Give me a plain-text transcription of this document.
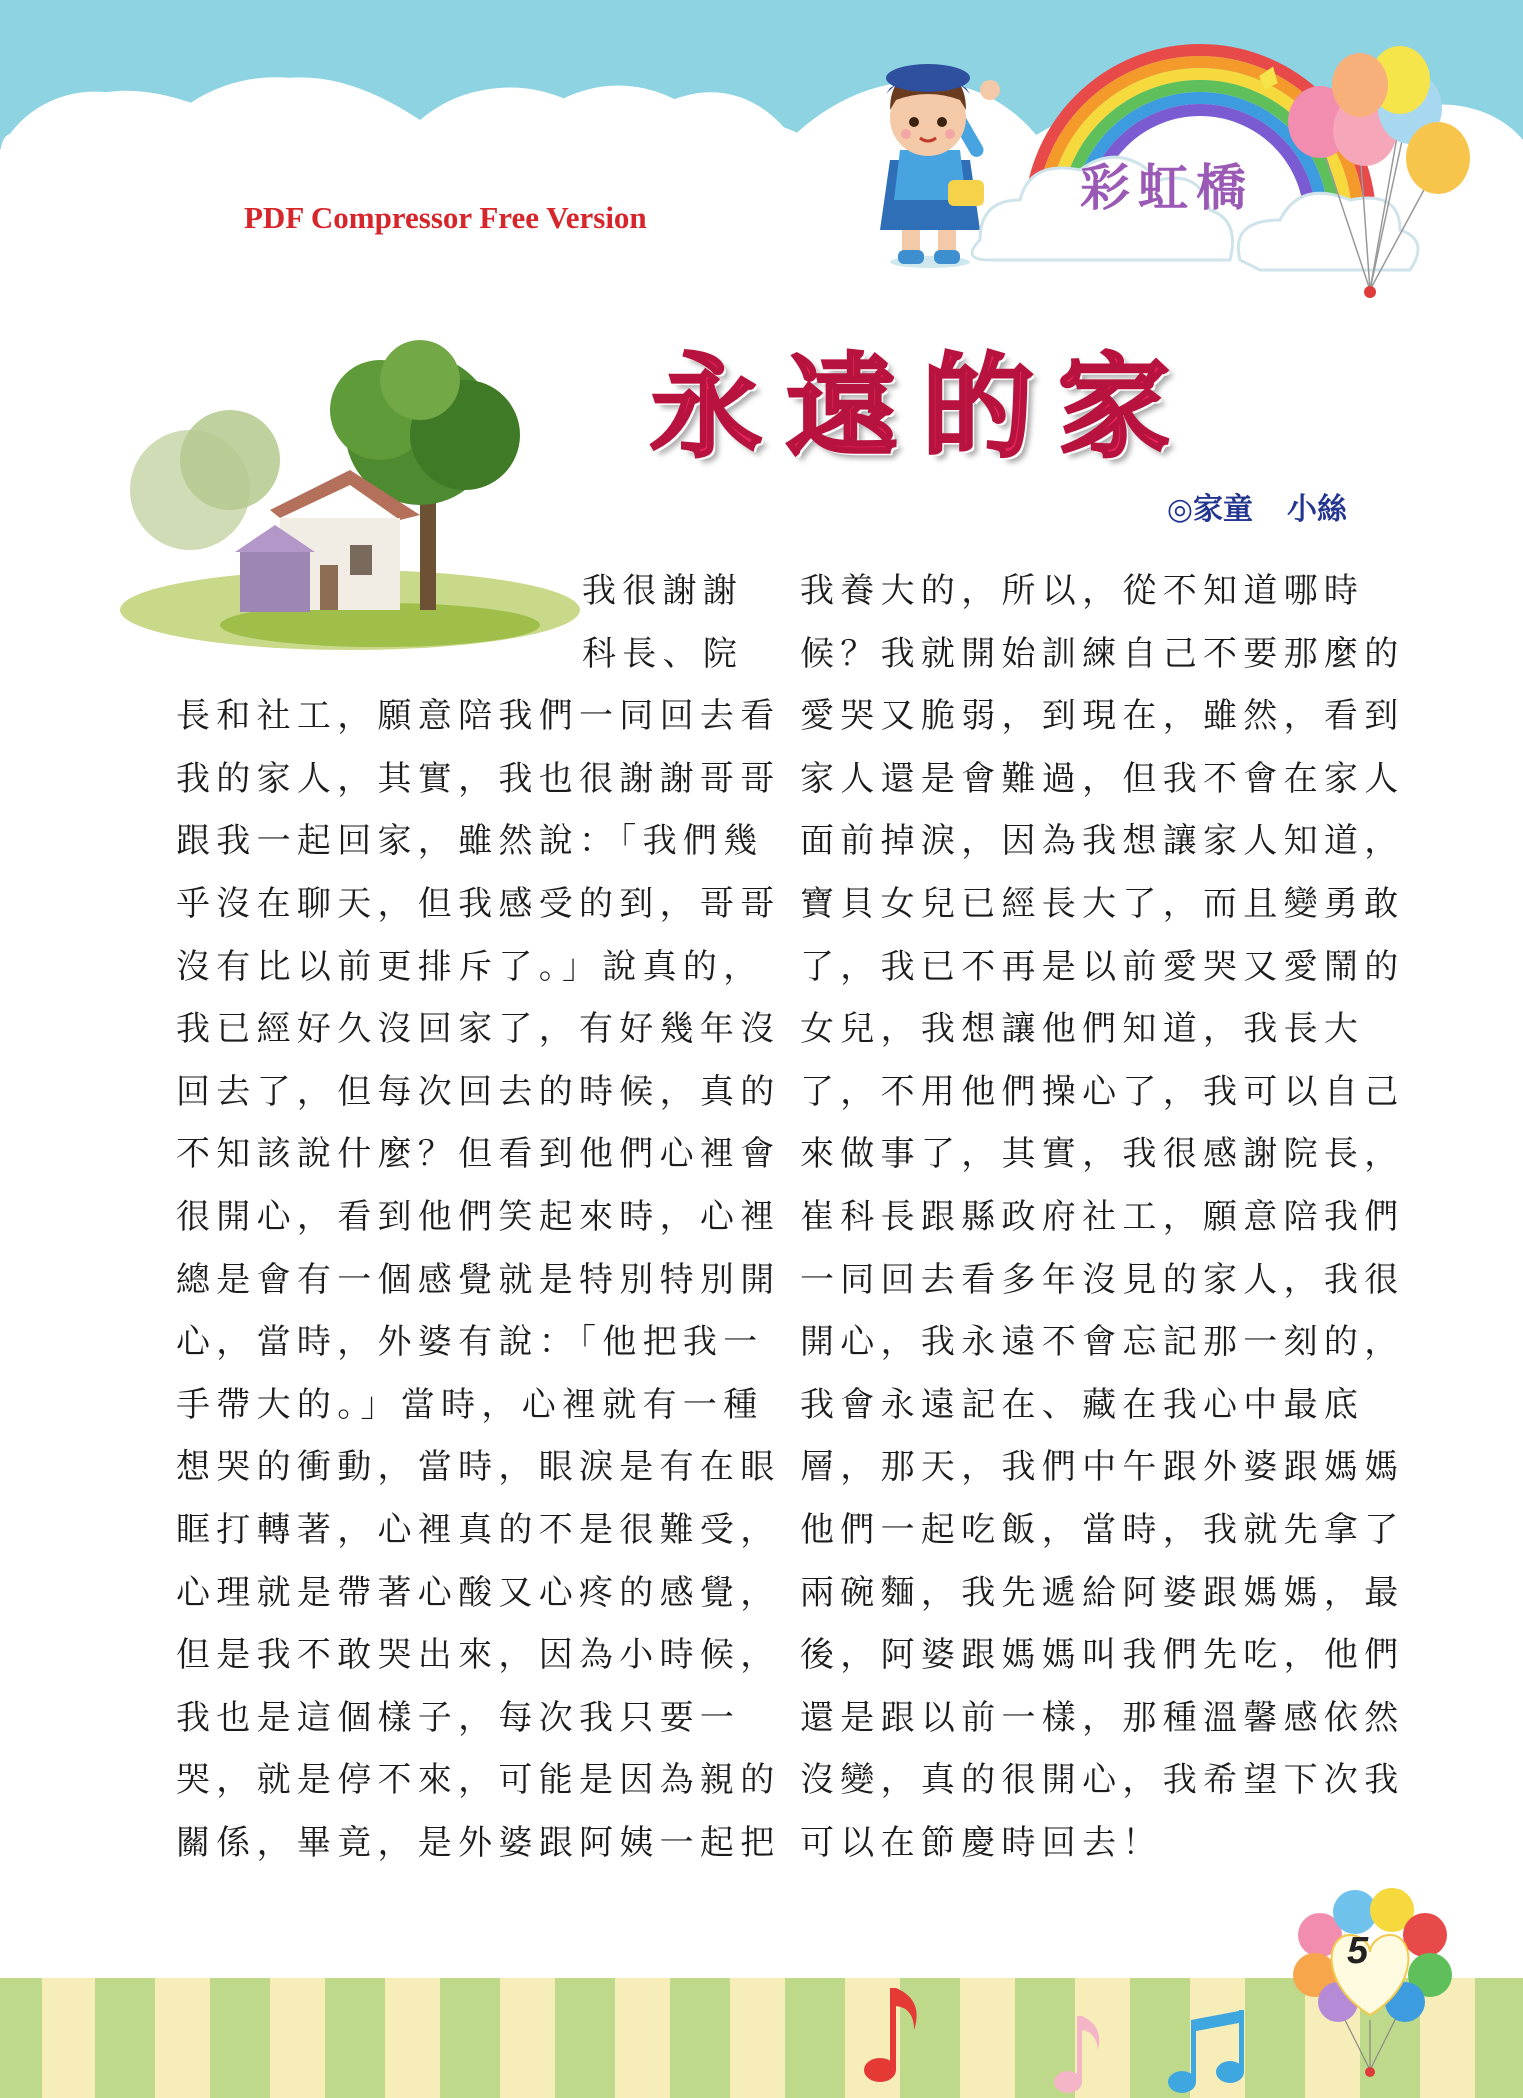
PDF Compressor Free Version
彩虹橋
永遠的家
◎家童 小絲
我很謝謝
科長、院
長和社工，願意陪我們一同回去看
我的家人，其實，我也很謝謝哥哥
跟我一起回家，雖然說：「我們幾
乎沒在聊天，但我感受的到，哥哥
沒有比以前更排斥了。」說真的，
我已經好久沒回家了，有好幾年沒
回去了，但每次回去的時候，真的
不知該說什麼？但看到他們心裡會
很開心，看到他們笑起來時，心裡
總是會有一個感覺就是特別特別開
心，當時，外婆有說：「他把我一
手帶大的。」當時，心裡就有一種
想哭的衝動，當時，眼淚是有在眼
眶打轉著，心裡真的不是很難受，
心理就是帶著心酸又心疼的感覺，
但是我不敢哭出來，因為小時候，
我也是這個樣子，每次我只要一
哭，就是停不來，可能是因為親的
關係，畢竟，是外婆跟阿姨一起把
我養大的，所以，從不知道哪時
候？我就開始訓練自己不要那麼的
愛哭又脆弱，到現在，雖然，看到
家人還是會難過，但我不會在家人
面前掉淚，因為我想讓家人知道，
寶貝女兒已經長大了，而且變勇敢
了，我已不再是以前愛哭又愛鬧的
女兒，我想讓他們知道，我長大
了，不用他們操心了，我可以自己
來做事了，其實，我很感謝院長，
崔科長跟縣政府社工，願意陪我們
一同回去看多年沒見的家人，我很
開心，我永遠不會忘記那一刻的，
我會永遠記在、藏在我心中最底
層，那天，我們中午跟外婆跟媽媽
他們一起吃飯，當時，我就先拿了
兩碗麵，我先遞給阿婆跟媽媽，最
後，阿婆跟媽媽叫我們先吃，他們
還是跟以前一樣，那種溫馨感依然
沒變，真的很開心，我希望下次我
可以在節慶時回去！
5
